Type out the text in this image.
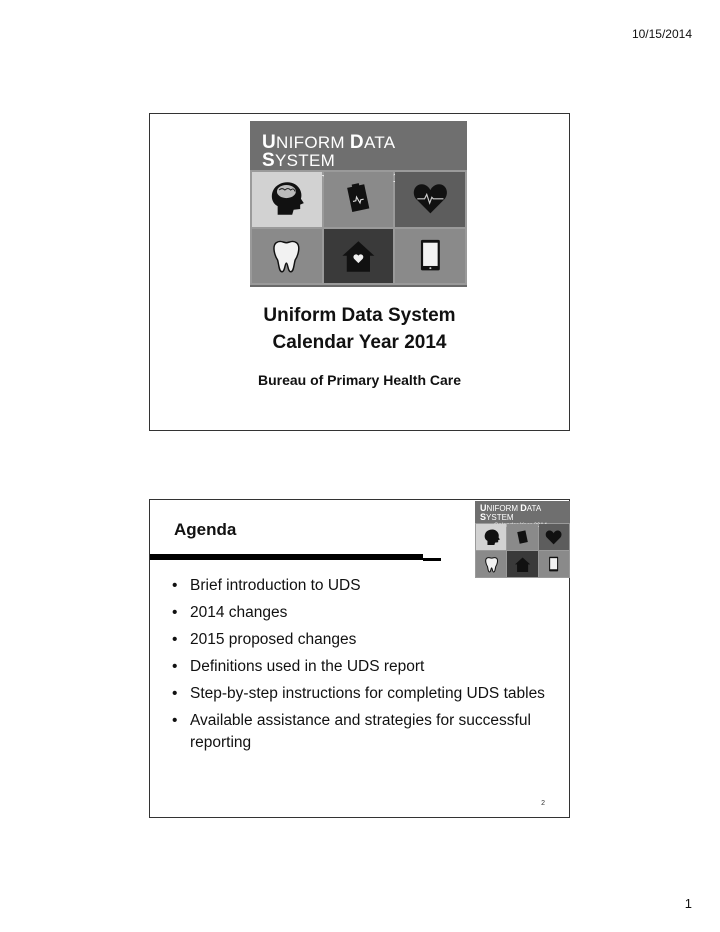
10/15/2014
UNIFORM DATA SYSTEM
Uniform Data System
Calendar Year 2014
Bureau of Primary Health Care
Agenda
UNIFORM DATA SYSTEM
• Brief introduction to UDS
• 2014 changes
• 2015 proposed changes
• Definitions used in the UDS report
• Step-by-step instructions for completing UDS tables
• Available assistance and strategies for successful reporting
2
1
